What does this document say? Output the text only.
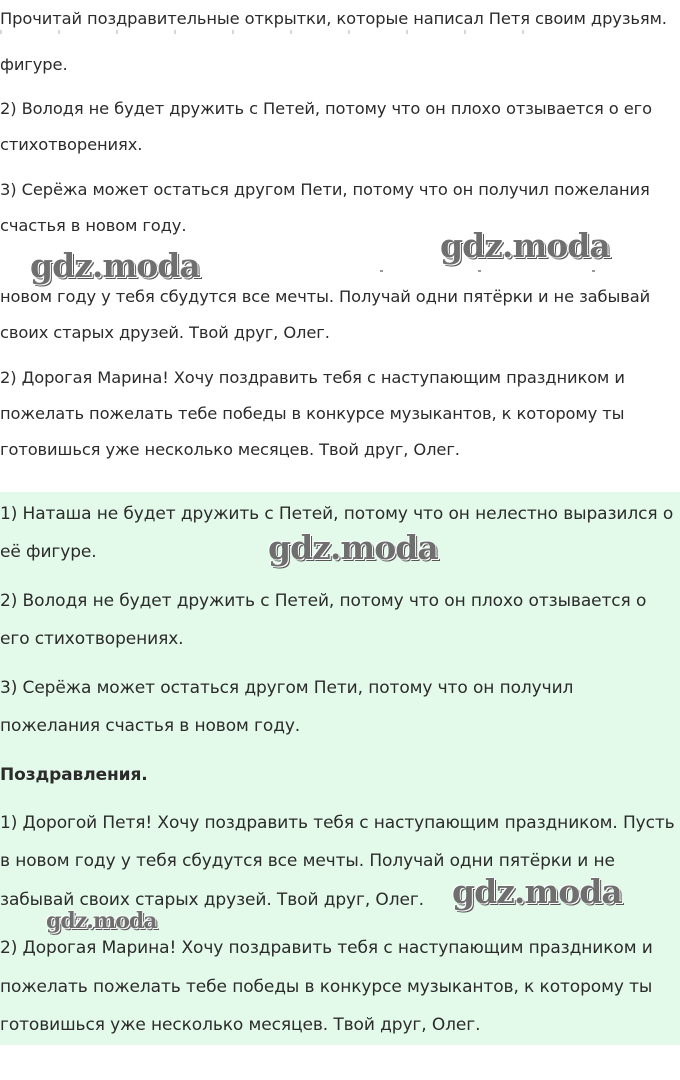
Прочитай поздравительные открытки, которые написал Петя своим друзьям.
фигуре.
2) Володя не будет дружить с Петей, потому что он плохо отзывается о его
стихотворениях.
3) Серёжа может остаться другом Пети, потому что он получил пожелания
счастья в новом году.
gdz.moda
gdz.moda
новом году у тебя сбудутся все мечты. Получай одни пятёрки и не забывай
своих старых друзей. Твой друг, Олег.
2) Дорогая Марина! Хочу поздравить тебя с наступающим праздником и
пожелать пожелать тебе победы в конкурсе музыкантов, к которому ты
готовишься уже несколько месяцев. Твой друг, Олег.
1) Наташа не будет дружить с Петей, потому что он нелестно выразился о
её фигуре.	gdz.moda
2) Володя не будет дружить с Петей, потому что он плохо отзывается о
его стихотворениях.
3) Серёжа может остаться другом Пети, потому что он получил
пожелания счастья в новом году.
Поздравления.
1) Дорогой Петя! Хочу поздравить тебя с наступающим праздником. Пусть
в новом году у тебя сбудутся все мечты. Получай одни пятёрки и не
забывай своих старых друзей. Твой друг, Олег. gdz.moda
gdz.moda
2) Дорогая Марина! Хочу поздравить тебя с наступающим праздником и
пожелать пожелать тебе победы в конкурсе музыкантов, к которому ты
готовишься уже несколько месяцев. Твой друг, Олег.
